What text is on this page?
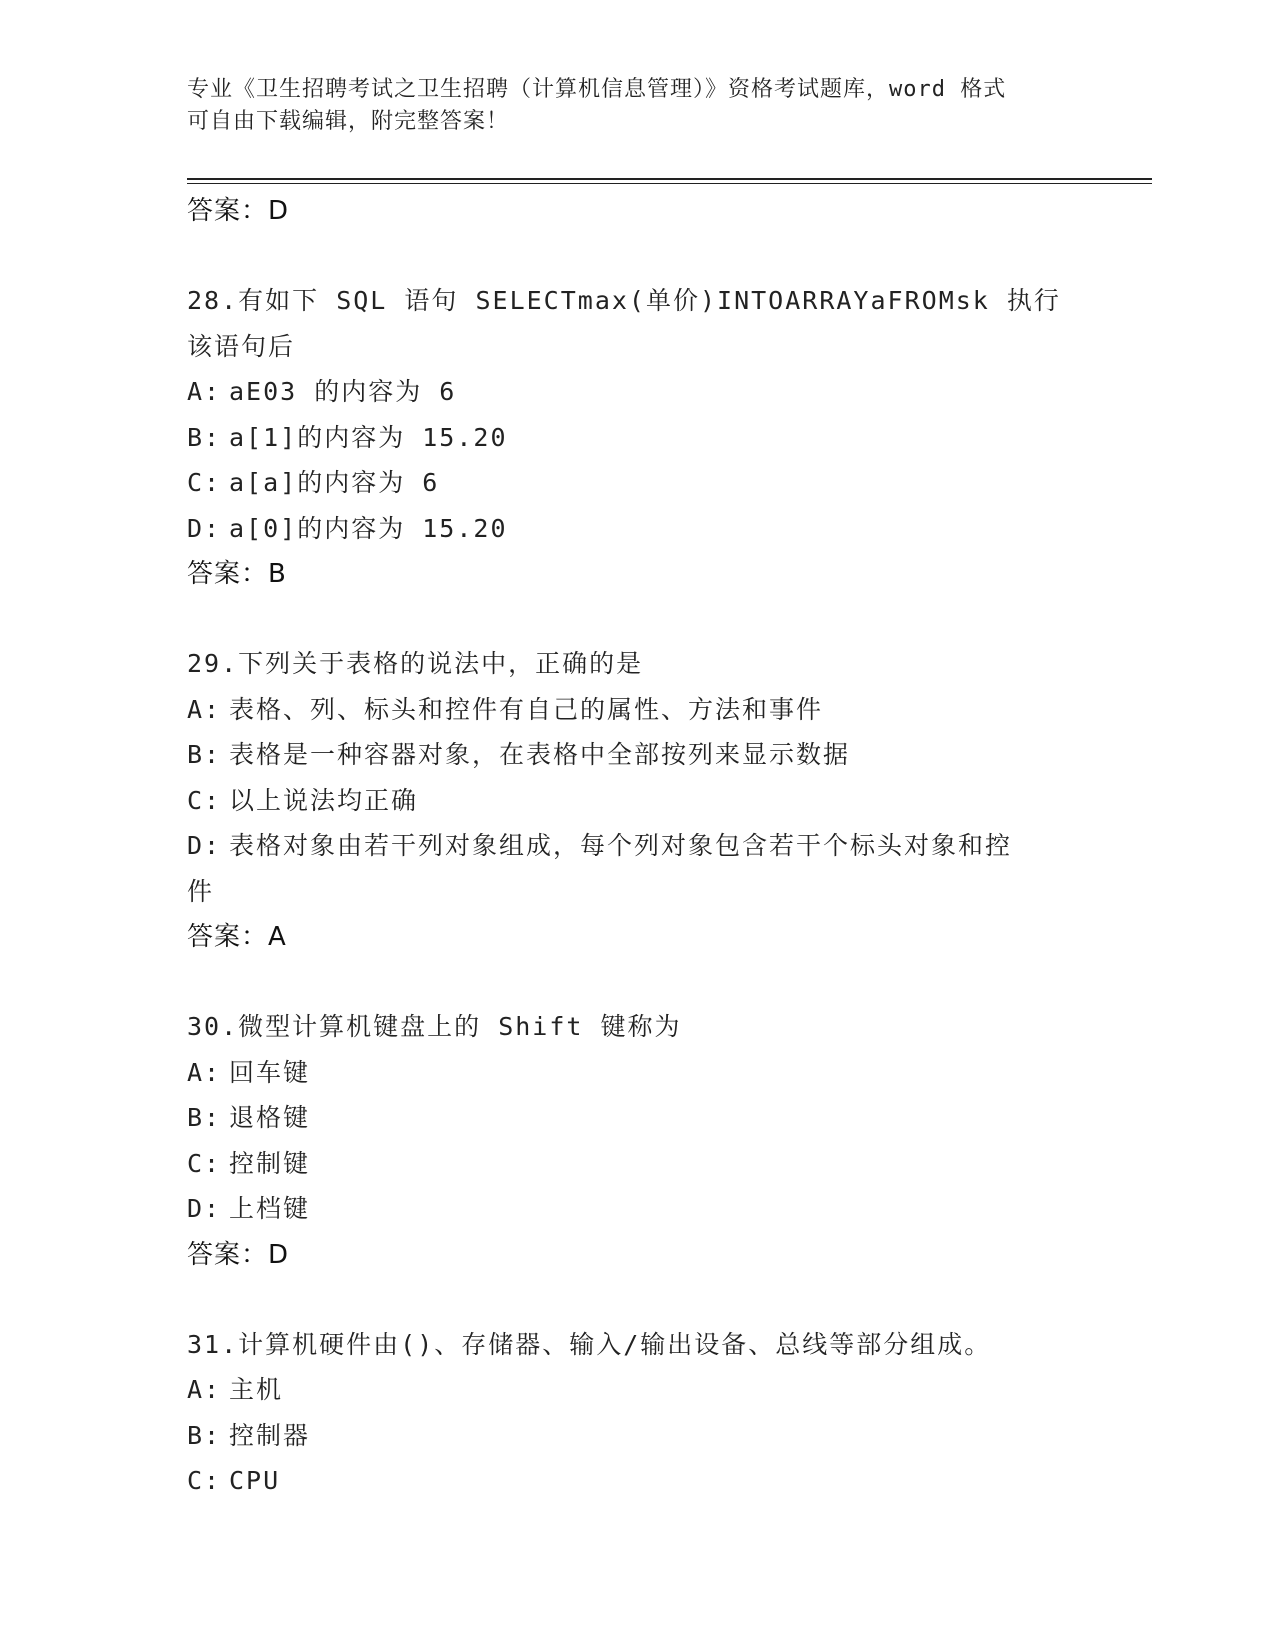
专业《卫生招聘考试之卫生招聘（计算机信息管理）》资格考试题库，word 格式
可自由下载编辑，附完整答案！
答案：D
28.有如下 SQL 语句 SELECTmax(单价)INTOARRAYaFROMsk 执行该语句后
A: aE03 的内容为 6
B: a[1]的内容为 15.20
C: a[a]的内容为 6
D: a[0]的内容为 15.20
答案：B
29.下列关于表格的说法中，正确的是
A: 表格、列、标头和控件有自己的属性、方法和事件
B: 表格是一种容器对象，在表格中全部按列来显示数据
C: 以上说法均正确
D: 表格对象由若干列对象组成，每个列对象包含若干个标头对象和控
件
答案：A
30.微型计算机键盘上的 Shift 键称为
A: 回车键
B: 退格键
C: 控制键
D: 上档键
答案：D
31.计算机硬件由()、存储器、输入/输出设备、总线等部分组成。
A: 主机
B: 控制器
C: CPU
